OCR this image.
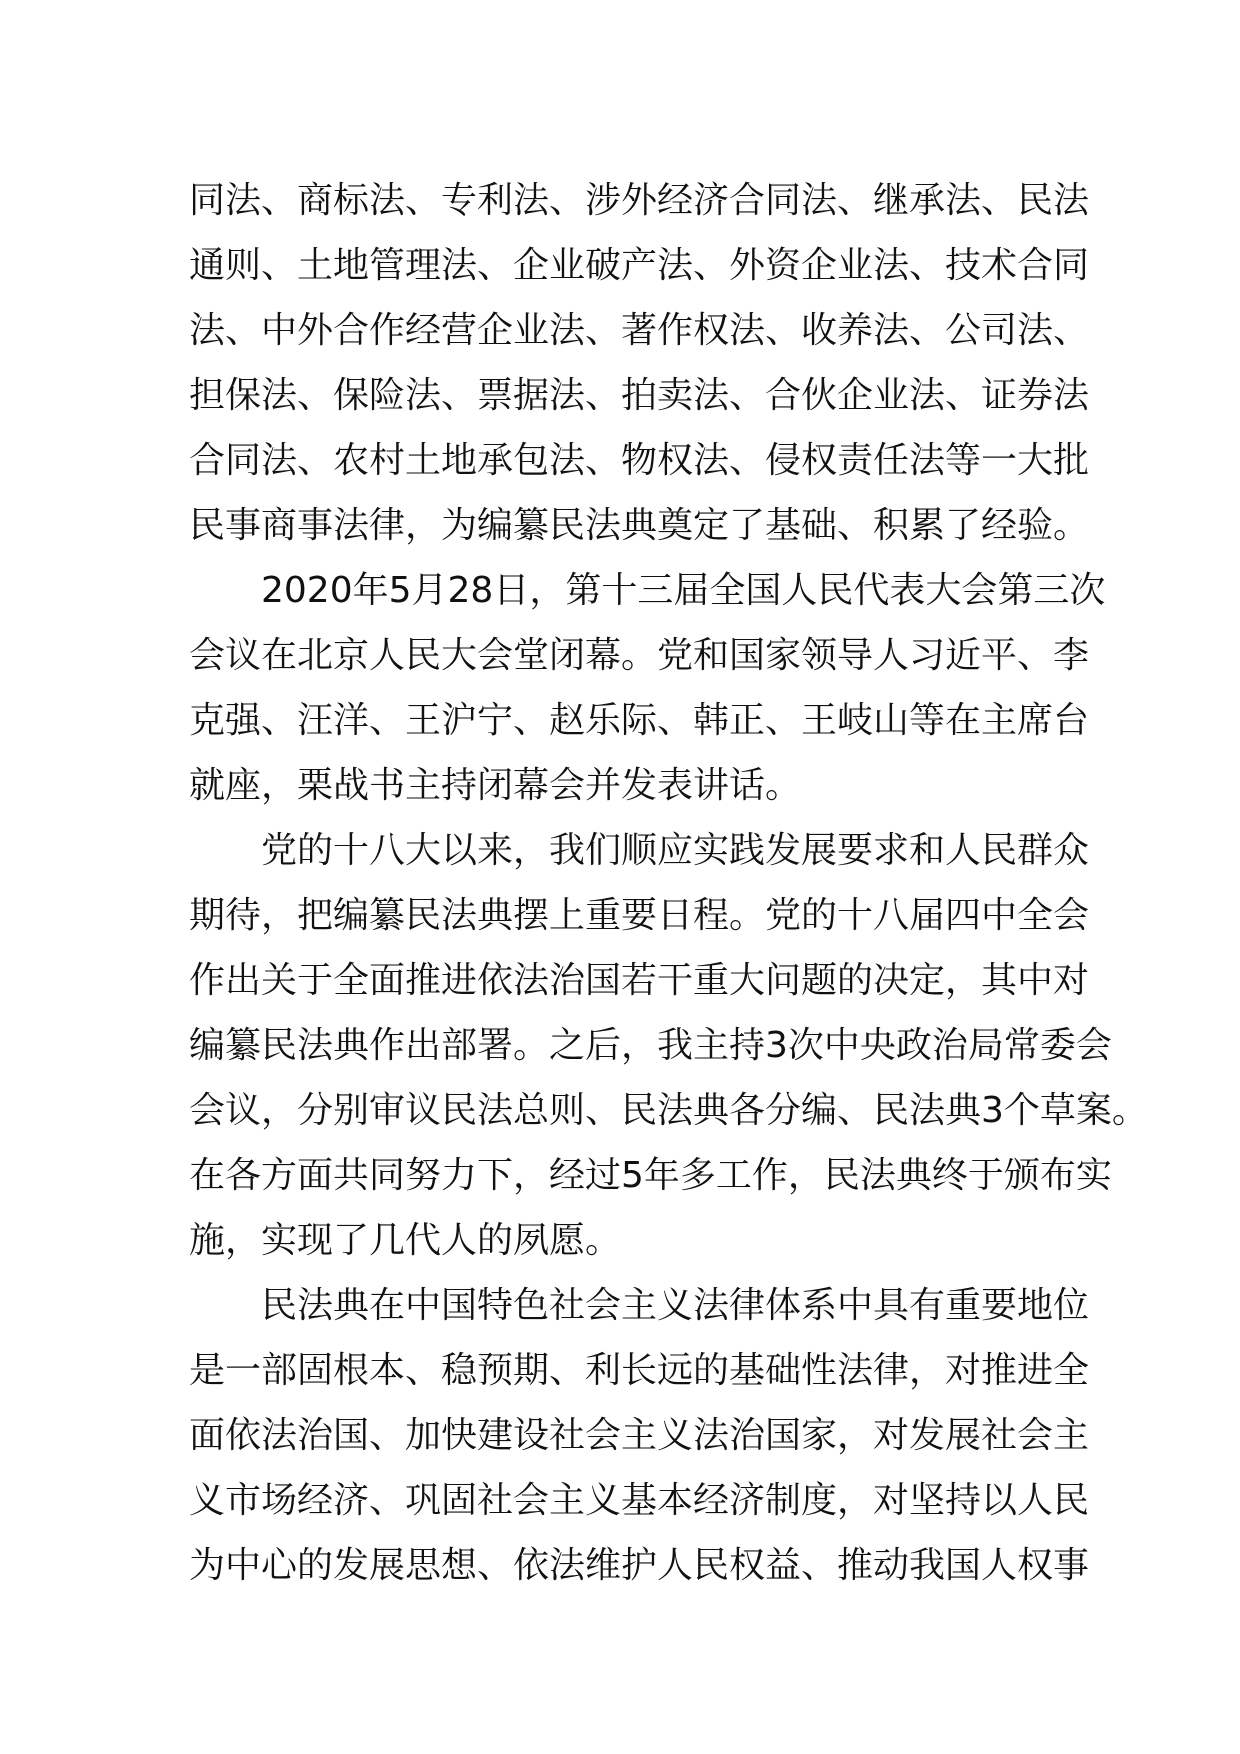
同法、商标法、专利法、涉外经济合同法、继承法、民法
通则、土地管理法、企业破产法、外资企业法、技术合同
法、中外合作经营企业法、著作权法、收养法、公司法、
担保法、保险法、票据法、拍卖法、合伙企业法、证券法
合同法、农村土地承包法、物权法、侵权责任法等一大批
民事商事法律，为编纂民法典奠定了基础、积累了经验。
2020年5月28日，第十三届全国人民代表大会第三次
会议在北京人民大会堂闭幕。党和国家领导人习近平、李
克强、汪洋、王沪宁、赵乐际、韩正、王岐山等在主席台
就座，栗战书主持闭幕会并发表讲话。
党的十八大以来，我们顺应实践发展要求和人民群众
期待，把编纂民法典摆上重要日程。党的十八届四中全会
作出关于全面推进依法治国若干重大问题的决定，其中对
编纂民法典作出部署。之后，我主持3次中央政治局常委会
会议，分别审议民法总则、民法典各分编、民法典3个草案。
在各方面共同努力下，经过5年多工作，民法典终于颁布实
施，实现了几代人的夙愿。
民法典在中国特色社会主义法律体系中具有重要地位
是一部固根本、稳预期、利长远的基础性法律，对推进全
面依法治国、加快建设社会主义法治国家，对发展社会主
义市场经济、巩固社会主义基本经济制度，对坚持以人民
为中心的发展思想、依法维护人民权益、推动我国人权事
